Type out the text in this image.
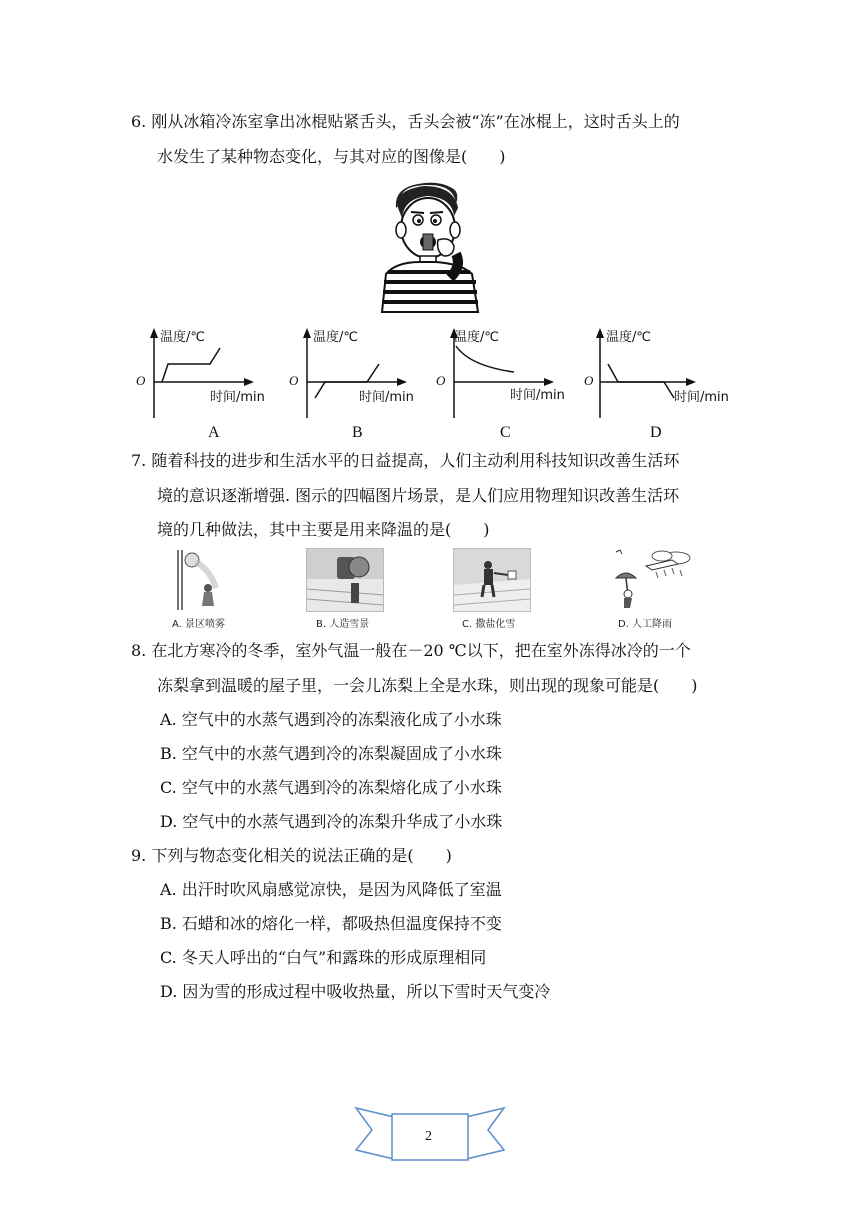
6. 刚从冰箱冷冻室拿出冰棍贴紧舌头，舌头会被“冻”在冰棍上，这时舌头上的
水发生了某种物态变化，与其对应的图像是(　　)
温度/℃
O
时间/min
A
温度/℃
O
时间/min
B
温度/℃
O
时间/min
C
温度/℃
O
时间/min
D
7. 随着科技的进步和生活水平的日益提高，人们主动利用科技知识改善生活环
境的意识逐渐增强. 图示的四幅图片场景，是人们应用物理知识改善生活环
境的几种做法，其中主要是用来降温的是(　　)
A. 景区喷雾	B. 人造雪景	C. 撒盐化雪	D. 人工降雨
8. 在北方寒冷的冬季，室外气温一般在－20 ℃以下，把在室外冻得冰冷的一个
冻梨拿到温暖的屋子里，一会儿冻梨上全是水珠，则出现的现象可能是(　　)
A. 空气中的水蒸气遇到冷的冻梨液化成了小水珠
B. 空气中的水蒸气遇到冷的冻梨凝固成了小水珠
C. 空气中的水蒸气遇到冷的冻梨熔化成了小水珠
D. 空气中的水蒸气遇到冷的冻梨升华成了小水珠
9. 下列与物态变化相关的说法正确的是(　　)
A. 出汗时吹风扇感觉凉快，是因为风降低了室温
B. 石蜡和冰的熔化一样，都吸热但温度保持不变
C. 冬天人呼出的“白气”和露珠的形成原理相同
D. 因为雪的形成过程中吸收热量，所以下雪时天气变冷
2
